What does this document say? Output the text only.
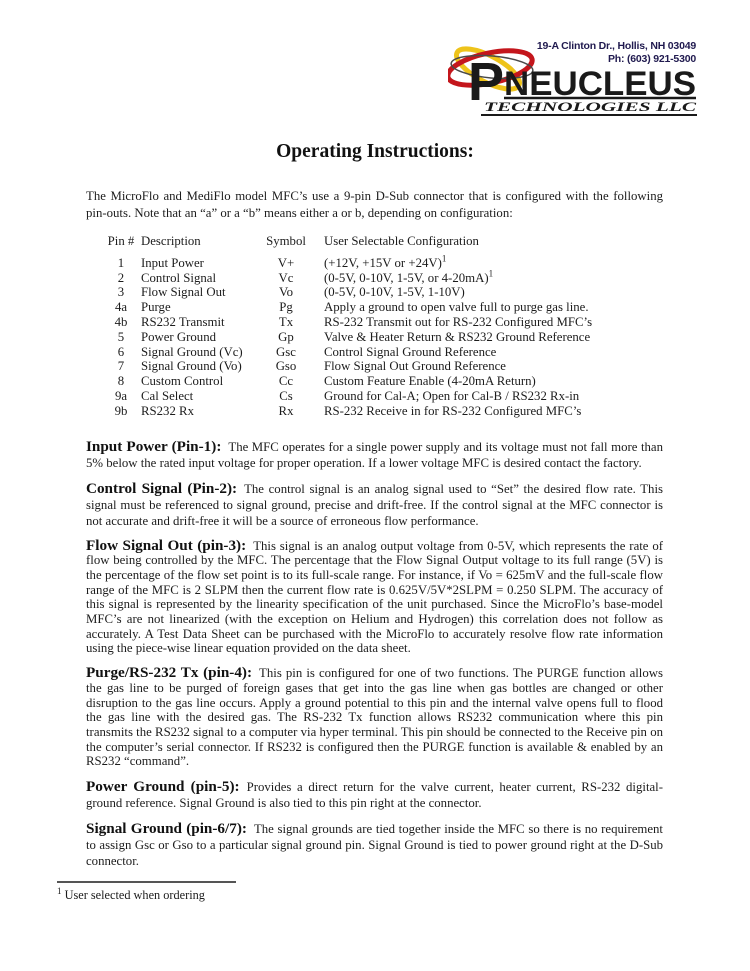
P NEUCLEUS
TECHNOLOGIES LLC
19-A Clinton Dr., Hollis, NH 03049
Ph: (603) 921-5300
Operating Instructions:

The MicroFlo and MediFlo model MFC’s use a 9-pin D-Sub connector that is configured with the following pin-outs. Note that an “a” or a “b” means either a or b, depending on configuration:

Pin #	Description	Symbol	User Selectable Configuration
1	Input Power	V+	(+12V, +15V or +24V)$^1$
2	Control Signal	Vc	(0-5V, 0-10V, 1-5V, or 4-20mA)$^1$
3	Flow Signal Out	Vo	(0-5V, 0-10V, 1-5V, 1-10V)
4a	Purge	Pg	Apply a ground to open valve full to purge gas line.
4b	RS232 Transmit	Tx	RS-232 Transmit out for RS-232 Configured MFC’s
5	Power Ground	Gp	Valve & Heater Return & RS232 Ground Reference
6	Signal Ground (Vc)	Gsc	Control Signal Ground Reference
7	Signal Ground (Vo)	Gso	Flow Signal Out Ground Reference
8	Custom Control	Cc	Custom Feature Enable (4-20mA Return)
9a	Cal Select	Cs	Ground for Cal-A; Open for Cal-B / RS232 Rx-in
9b	RS232 Rx	Rx	RS-232 Receive in for RS-232 Configured MFC’s

Input Power (Pin-1): The MFC operates for a single power supply and its voltage must not fall more than 5% below the rated input voltage for proper operation. If a lower voltage MFC is desired contact the factory.

Control Signal (Pin-2): The control signal is an analog signal used to “Set” the desired flow rate. This signal must be referenced to signal ground, precise and drift-free. If the control signal at the MFC connector is not accurate and drift-free it will be a source of erroneous flow performance.

Flow Signal Out (pin-3): This signal is an analog output voltage from 0-5V, which represents the rate of flow being controlled by the MFC. The percentage that the Flow Signal Output voltage to its full range (5V) is the percentage of the flow set point is to its full-scale range. For instance, if Vo = 625mV and the full-scale flow range of the MFC is 2 SLPM then the current flow rate is 0.625V/5V*2SLPM = 0.250 SLPM. The accuracy of this signal is represented by the linearity specification of the unit purchased. Since the MicroFlo’s base-model MFC’s are not linearized (with the exception on Helium and Hydrogen) this correlation does not follow as accurately. A Test Data Sheet can be purchased with the MicroFlo to accurately resolve flow rate information using the piece-wise linear equation provided on the data sheet.

Purge/RS-232 Tx (pin-4): This pin is configured for one of two functions. The PURGE function allows the gas line to be purged of foreign gases that get into the gas line when gas bottles are changed or other disruption to the gas line occurs. Apply a ground potential to this pin and the internal valve opens full to flood the gas line with the desired gas. The RS-232 Tx function allows RS232 communication where this pin transmits the RS232 signal to a computer via hyper terminal. This pin should be connected to the Receive pin on the computer’s serial connector. If RS232 is configured then the PURGE function is available & enabled by an RS232 “command”.

Power Ground (pin-5): Provides a direct return for the valve current, heater current, RS-232 digital-ground reference. Signal Ground is also tied to this pin right at the connector.

Signal Ground (pin-6/7): The signal grounds are tied together inside the MFC so there is no requirement to assign Gsc or Gso to a particular signal ground pin. Signal Ground is tied to power ground right at the D-Sub connector.

$^1$ User selected when ordering
